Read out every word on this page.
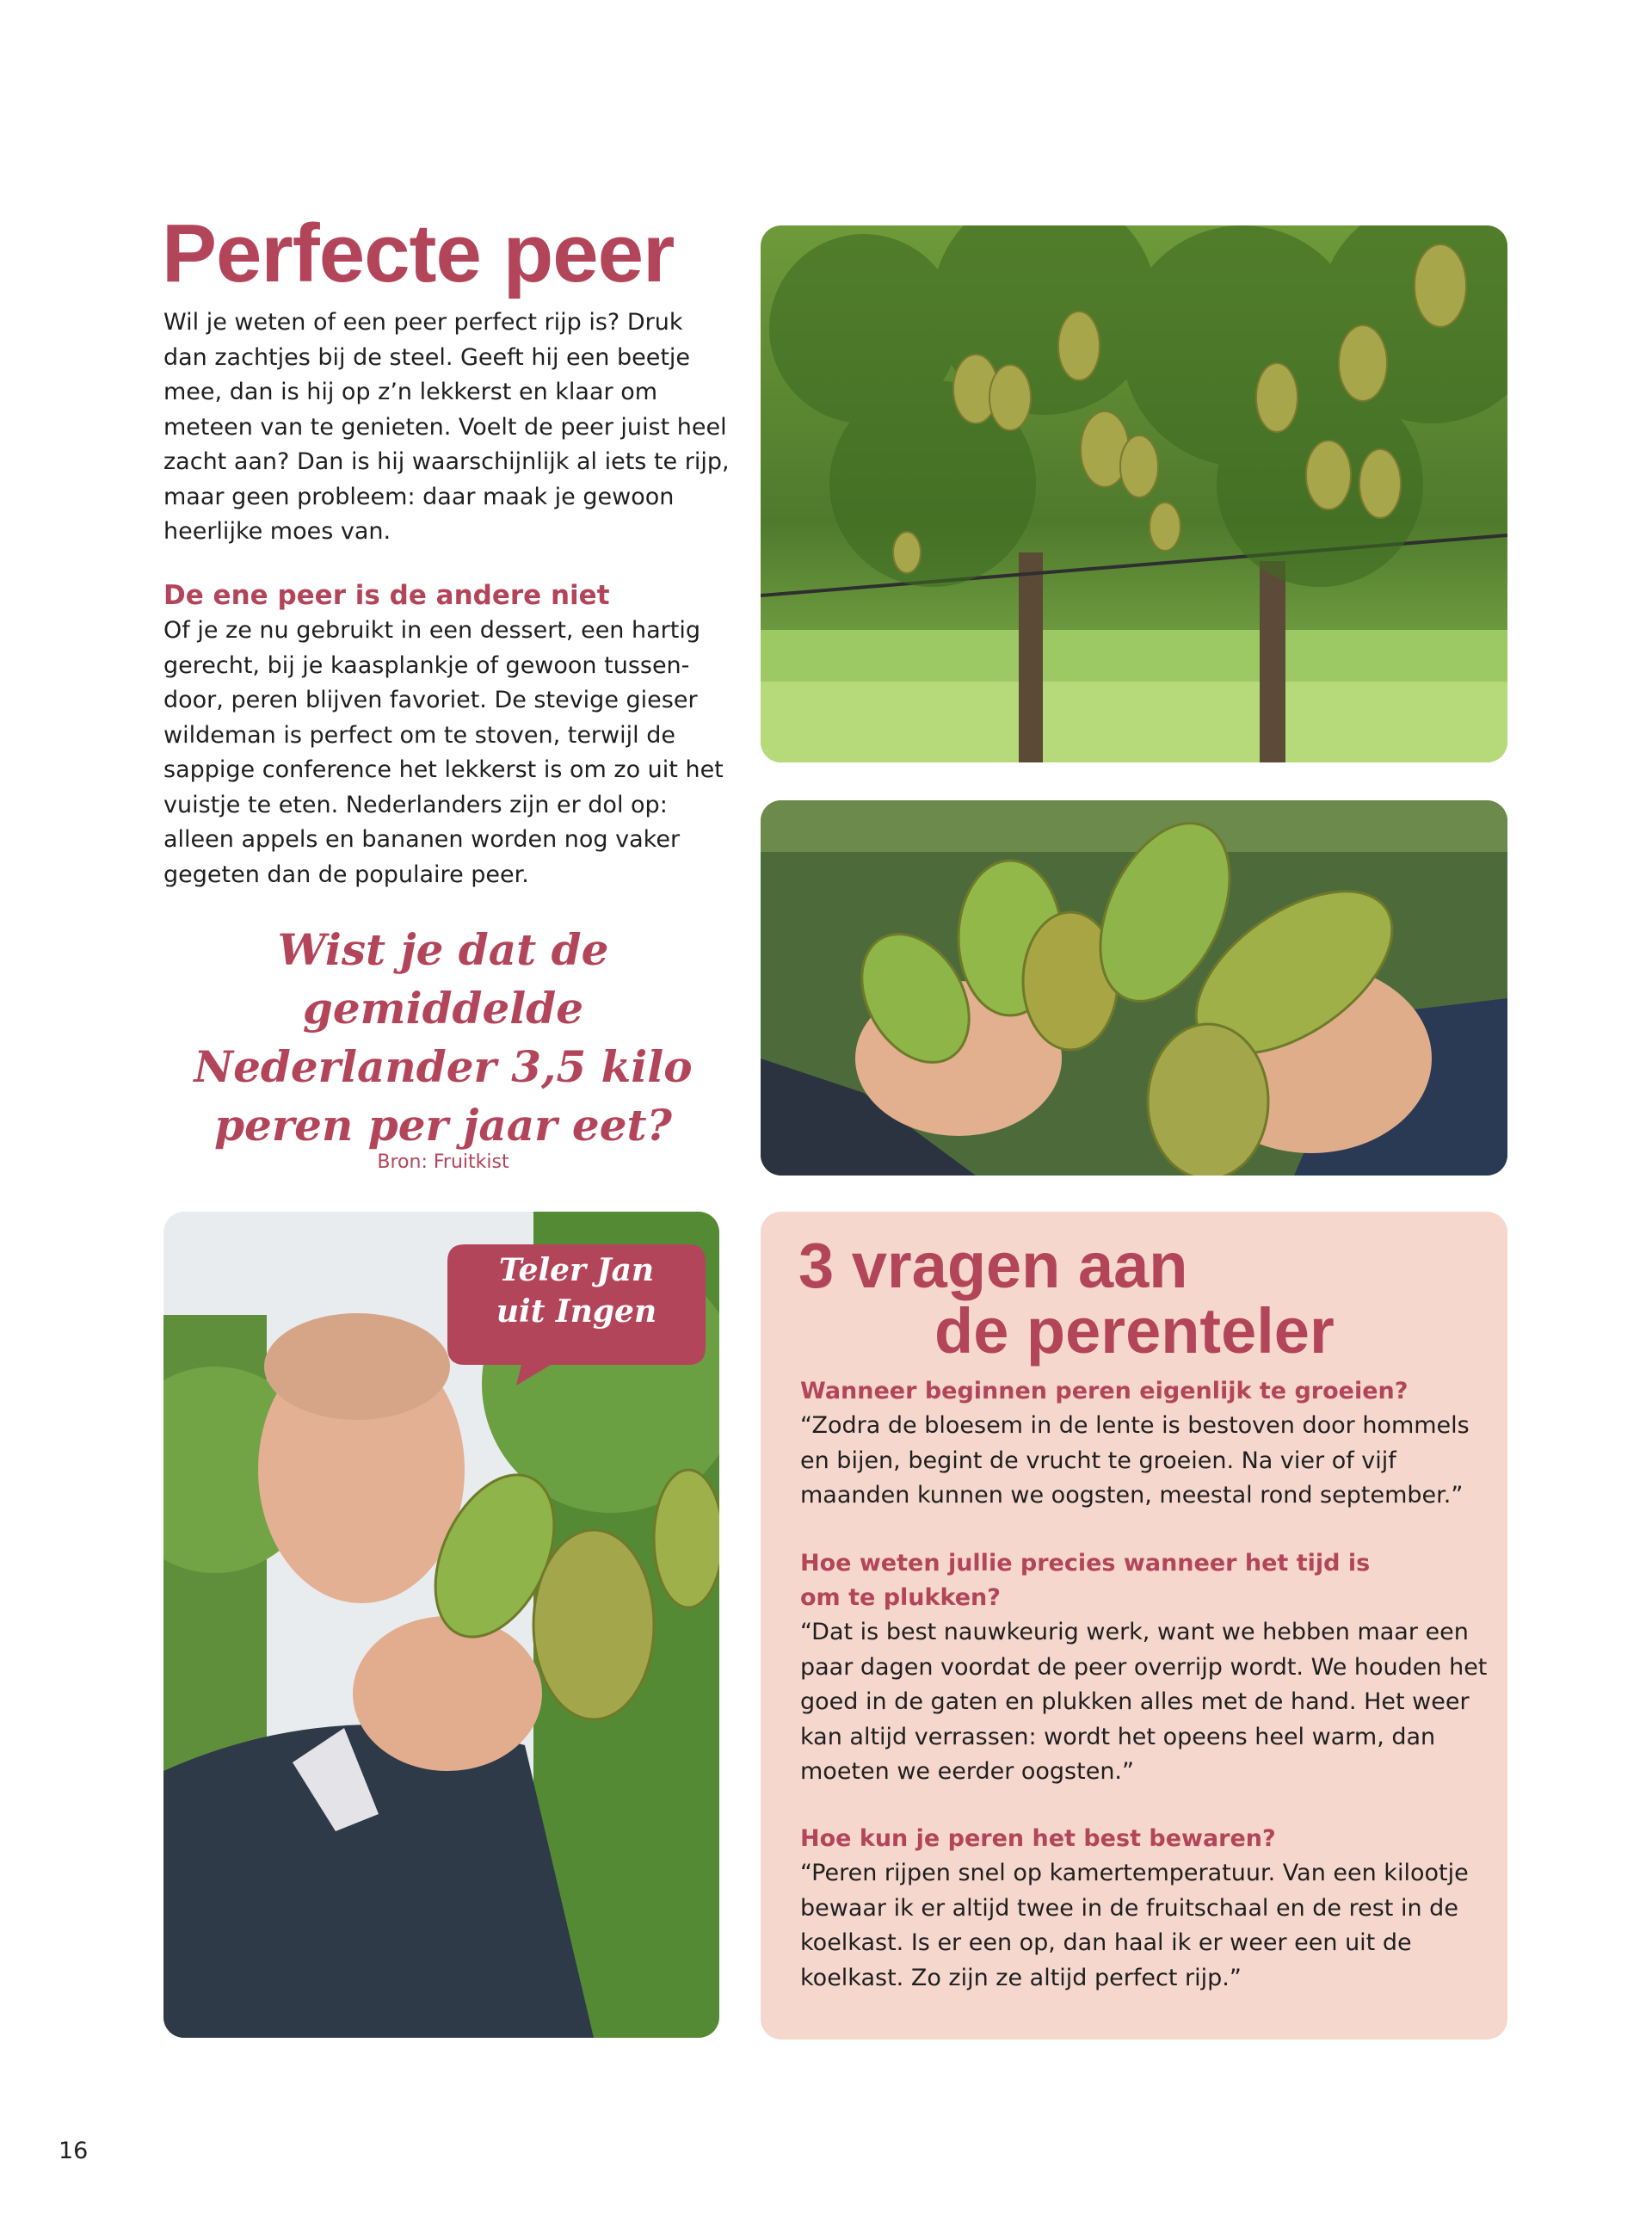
Perfecte peer
Wil je weten of een peer perfect rijp is? Druk dan zachtjes bij de steel. Geeft hij een beetje mee, dan is hij op z’n lekkerst en klaar om meteen van te genieten. Voelt de peer juist heel zacht aan? Dan is hij waarschijnlijk al iets te rijp, maar geen probleem: daar maak je gewoon heerlijke moes van.
De ene peer is de andere niet
Of je ze nu gebruikt in een dessert, een hartig gerecht, bij je kaasplankje of gewoon tussen-door, peren blijven favoriet. De stevige gieser wildeman is perfect om te stoven, terwijl de sappige conference het lekkerst is om zo uit het vuistje te eten. Nederlanders zijn er dol op: alleen appels en bananen worden nog vaker gegeten dan de populaire peer.
Wist je dat de gemiddelde Nederlander 3,5 kilo peren per jaar eet?
Bron: Fruitkist
Teler Jan
uit Ingen
3 vragen aan
de perenteler
Wanneer beginnen peren eigenlijk te groeien?
“Zodra de bloesem in de lente is bestoven door hommels en bijen, begint de vrucht te groeien. Na vier of vijf maanden kunnen we oogsten, meestal rond september.”
Hoe weten jullie precies wanneer het tijd is om te plukken?
“Dat is best nauwkeurig werk, want we hebben maar een paar dagen voordat de peer overrijp wordt. We houden het goed in de gaten en plukken alles met de hand. Het weer kan altijd verrassen: wordt het opeens heel warm, dan moeten we eerder oogsten.”
Hoe kun je peren het best bewaren?
“Peren rijpen snel op kamertemperatuur. Van een kilootje bewaar ik er altijd twee in de fruitschaal en de rest in de koelkast. Is er een op, dan haal ik er weer een uit de koelkast. Zo zijn ze altijd perfect rijp.”
16
